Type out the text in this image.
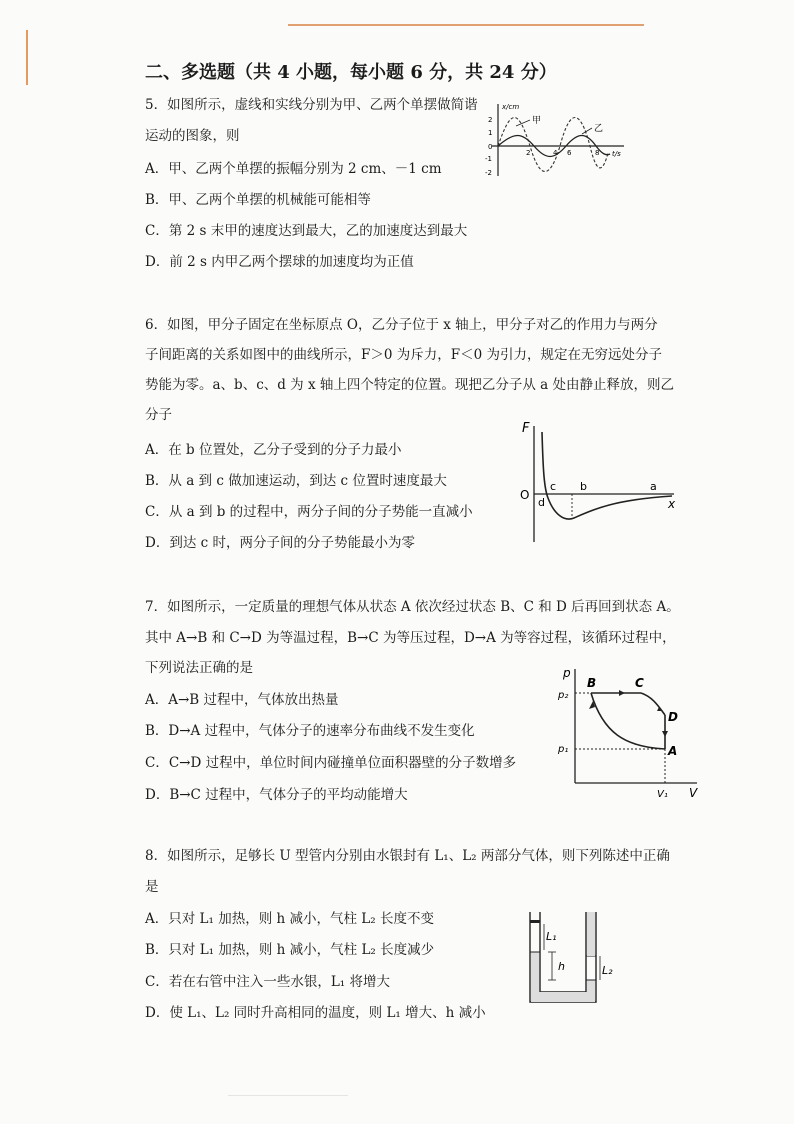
二、多选题（共 4 小题，每小题 6 分，共 24 分）
5．如图所示，虚线和实线分别为甲、乙两个单摆做简谐
运动的图象，则
A．甲、乙两个单摆的振幅分别为 2 cm、－1 cm
B．甲、乙两个单摆的机械能可能相等
C．第 2 s 末甲的速度达到最大，乙的加速度达到最大
D．前 2 s 内甲乙两个摆球的加速度均为正值
x/cm
t/s
2
1
0
-1
-2
2	4 6	8
甲
乙
6．如图，甲分子固定在坐标原点 O，乙分子位于 x 轴上，甲分子对乙的作用力与两分
子间距离的关系如图中的曲线所示，F＞0 为斥力，F＜0 为引力，规定在无穷远处分子
势能为零。a、b、c、d 为 x 轴上四个特定的位置。现把乙分子从 a 处由静止释放，则乙
分子
A．在 b 位置处，乙分子受到的分子力最小
B．从 a 到 c 做加速运动，到达 c 位置时速度最大
C．从 a 到 b 的过程中，两分子间的分子势能一直减小
D．到达 c 时，两分子间的分子势能最小为零
F
O
x
c b	a
d
7．如图所示，一定质量的理想气体从状态 A 依次经过状态 B、C 和 D 后再回到状态 A。
其中 A→B 和 C→D 为等温过程，B→C 为等压过程，D→A 为等容过程，该循环过程中，
下列说法正确的是
A．A→B 过程中，气体放出热量
B．D→A 过程中，气体分子的速率分布曲线不发生变化
C．C→D 过程中，单位时间内碰撞单位面积器壁的分子数增多
D．B→C 过程中，气体分子的平均动能增大
p
V
p₂
p₁
V₁
B	C
D
A
8．如图所示，足够长 U 型管内分别由水银封有 L₁、L₂ 两部分气体，则下列陈述中正确
是
A．只对 L₁ 加热，则 h 减小，气柱 L₂ 长度不变
B．只对 L₁ 加热，则 h 减小，气柱 L₂ 长度减少
C．若在右管中注入一些水银，L₁ 将增大
D．使 L₁、L₂ 同时升高相同的温度，则 L₁ 增大、h 减小
L₁
h	L₂
